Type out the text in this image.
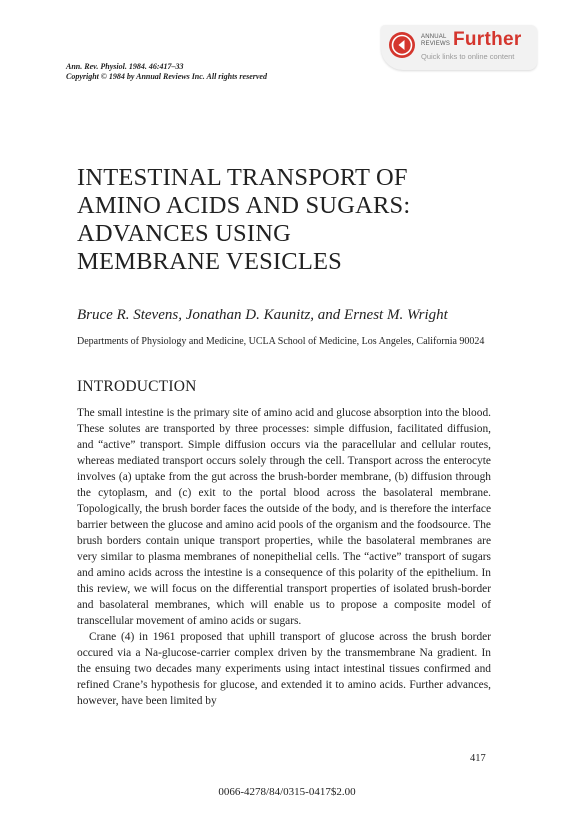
Ann. Rev. Physiol. 1984. 46:417–33
Copyright © 1984 by Annual Reviews Inc. All rights reserved
ANNUAL
REVIEWS Further
Quick links to online content
INTESTINAL TRANSPORT OF
AMINO ACIDS AND SUGARS:
ADVANCES USING
MEMBRANE VESICLES
Bruce R. Stevens, Jonathan D. Kaunitz, and Ernest M. Wright
Departments of Physiology and Medicine, UCLA School of Medicine, Los Angeles, California 90024
INTRODUCTION

The small intestine is the primary site of amino acid and glucose absorption into the blood. These solutes are transported by three processes: simple diffusion, facilitated diffusion, and “active” transport. Simple diffusion occurs via the paracellular and cellular routes, whereas mediated transport occurs solely through the cell. Transport across the enterocyte involves (a) uptake from the gut across the brush-border membrane, (b) diffusion through the cytoplasm, and (c) exit to the portal blood across the basolateral membrane. Topologically, the brush border faces the outside of the body, and is therefore the interface barrier between the glucose and amino acid pools of the organism and the foodsource. The brush borders contain unique transport properties, while the basolateral membranes are very similar to plasma membranes of nonepithelial cells. The “active” transport of sugars and amino acids across the intestine is a consequence of this polarity of the epithelium. In this review, we will focus on the differential transport properties of isolated brush-border and basolateral membranes, which will enable us to propose a composite model of transcellular movement of amino acids or sugars.

Crane (4) in 1961 proposed that uphill transport of glucose across the brush border occured via a Na-glucose-carrier complex driven by the transmembrane Na gradient. In the ensuing two decades many experiments using intact intestinal tissues confirmed and refined Crane’s hypothesis for glucose, and extended it to amino acids. Further advances, however, have been limited by

417
0066-4278/84/0315-0417$2.00
